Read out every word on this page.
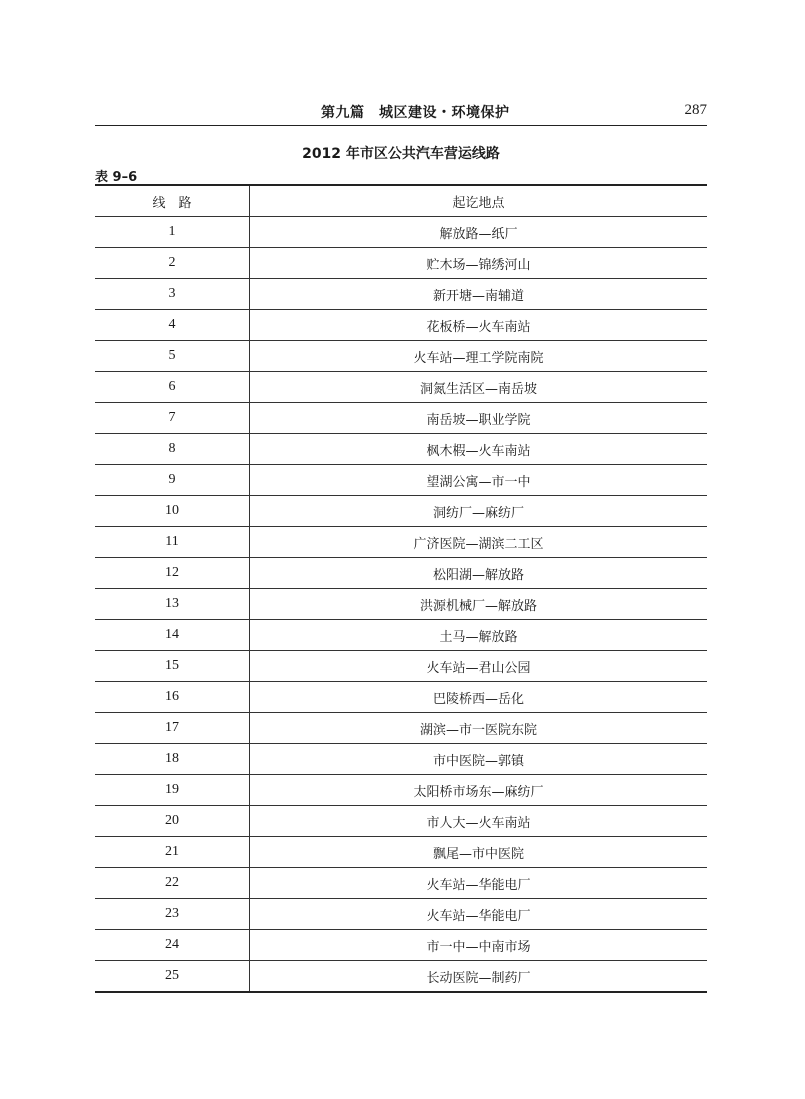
第九篇　城区建设・环境保护	287
2012 年市区公共汽车营运线路
表 9–6
线　路	起讫地点
1	解放路—纸厂
2	贮木场—锦绣河山
3	新开塘—南辅道
4	花板桥—火车南站
5	火车站—理工学院南院
6	洞氮生活区—南岳坡
7	南岳坡—职业学院
8	枫木椵—火车南站
9	望湖公寓—市一中
10	洞纺厂—麻纺厂
11	广济医院—湖滨二工区
12	松阳湖—解放路
13	洪源机械厂—解放路
14	土马—解放路
15	火车站—君山公园
16	巴陵桥西—岳化
17	湖滨—市一医院东院
18	市中医院—郭镇
19	太阳桥市场东—麻纺厂
20	市人大—火车南站
21	飘尾—市中医院
22	火车站—华能电厂
23	火车站—华能电厂
24	市一中—中南市场
25	长动医院—制药厂
